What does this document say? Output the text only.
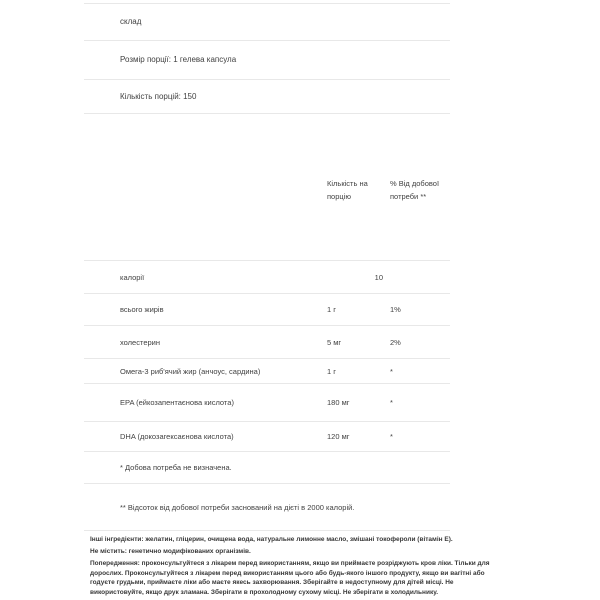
склад
Розмір порції: 1 гелева капсула
Кількість порцій: 150
Кількість на порцію
% Від добової потреби **
калорії	10
всього жирів	1 г	1%
холестерин	5 мг	2%
Омега-3 риб'ячий жир (анчоус, сардина)	1 г	*
EPA (ейкозапентаєнова кислота)	180 мг	*
DHA (докозагексаєнова кислота)	120 мг	*
* Добова потреба не визначена.
** Відсоток від добової потреби заснований на дієті в 2000 калорій.
Інші інгредієнти: желатин, гліцерин, очищена вода, натуральне лимонне масло, змішані токофероли (вітамін E).
Не містить: генетично модифікованих організмів.

Попередження: проконсультуйтеся з лікарем перед використанням, якщо ви приймаєте розріджують кров ліки. Тільки для

дорослих. Проконсультуйтеся з лікарем перед використанням цього або будь-якого іншого продукту, якщо ви вагітні або

годуєте грудьми, приймаєте ліки або маєте якесь захворювання. Зберігайте в недоступному для дітей місці. Не

використовуйте, якщо друк зламана. Зберігати в прохолодному сухому місці. Не зберігати в холодильнику.
